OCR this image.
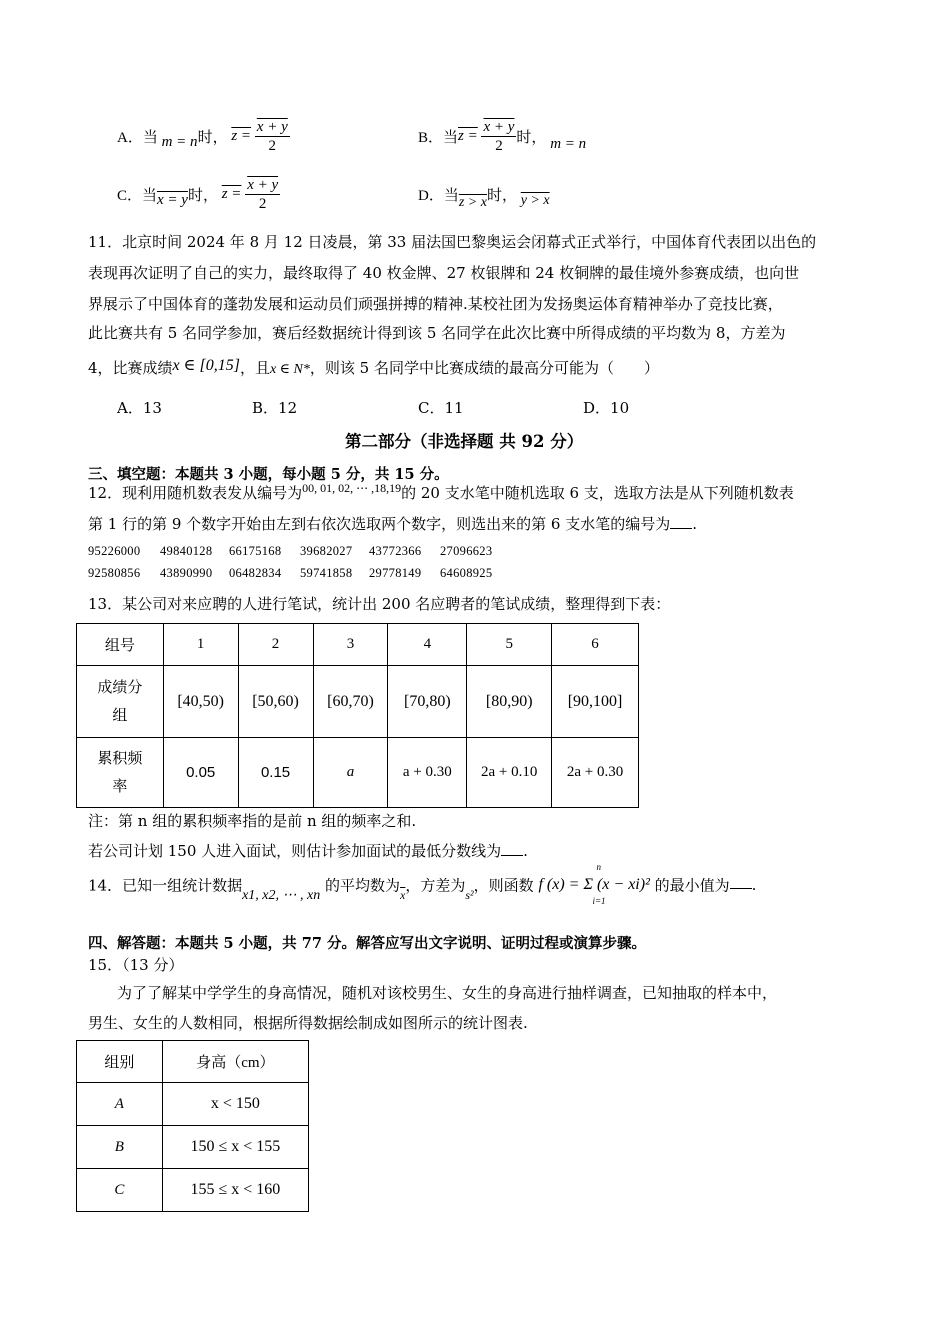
A．当 m = n时， $z = \frac{x + y}{2}$	B．当$z = \frac{x + y}{2}$ 时， m = n
C．当x = y时， $z = \frac{x + y}{2}$	D．当z > x时， y > x
11．北京时间 2024 年 8 月 12 日凌晨，第 33 届法国巴黎奥运会闭幕式正式举行，中国体育代表团以出色的
表现再次证明了自己的实力，最终取得了 40 枚金牌、27 枚银牌和 24 枚铜牌的最佳境外参赛成绩，也向世
界展示了中国体育的蓬勃发展和运动员们顽强拼搏的精神.某校社团为发扬奥运体育精神举办了竞技比赛，
此比赛共有 5 名同学参加，赛后经数据统计得到该 5 名同学在此次比赛中所得成绩的平均数为 8，方差为
4，比赛成绩x ∈ [0,15]，且x ∈ N*，则该 5 名同学中比赛成绩的最高分可能为（　　）
A．13	B．12	C．11	D．10
第二部分（非选择题 共 92 分）
三、填空题：本题共 3 小题，每小题 5 分，共 15 分。
12．现利用随机数表发从编号为$^{00, 01, 02, \cdots ,18,19}$的 20 支水笔中随机选取 6 支，选取方法是从下列随机数表
第 1 行的第 9 个数字开始由左到右依次选取两个数字，则选出来的第 6 支水笔的编号为 .
95226000 49840128 66175168 39682027 43772366 27096623
92580856 43890990 06482834 59741858 29778149 64608925
13．某公司对来应聘的人进行笔试，统计出 200 名应聘者的笔试成绩，整理得到下表：
组号	1	2	3	4	5	6
成绩分
组	[40,50)	[50,60)	[60,70)	[70,80)	[80,90)	[90,100]
累积频
率	0.05	0.15	a	a + 0.30	2a + 0.10	2a + 0.30
注：第 n 组的累积频率指的是前 n 组的频率之和.
若公司计划 150 人进入面试，则估计参加面试的最低分数线为 .
14．已知一组统计数据x1, x2, ⋯ , xn 的平均数为$_{\overline{x}}$，方差为$_{s^2}$，则函数 f (x) = Σ (x − xi)²
n
i=1
的最小值为 .
四、解答题：本题共 5 小题，共 77 分。解答应写出文字说明、证明过程或演算步骤。
15．（13 分）
为了了解某中学学生的身高情况，随机对该校男生、女生的身高进行抽样调查，已知抽取的样本中，
男生、女生的人数相同，根据所得数据绘制成如图所示的统计图表.
组别	身高（cm）
A	x < 150
B	150 ≤ x < 155
C	155 ≤ x < 160
